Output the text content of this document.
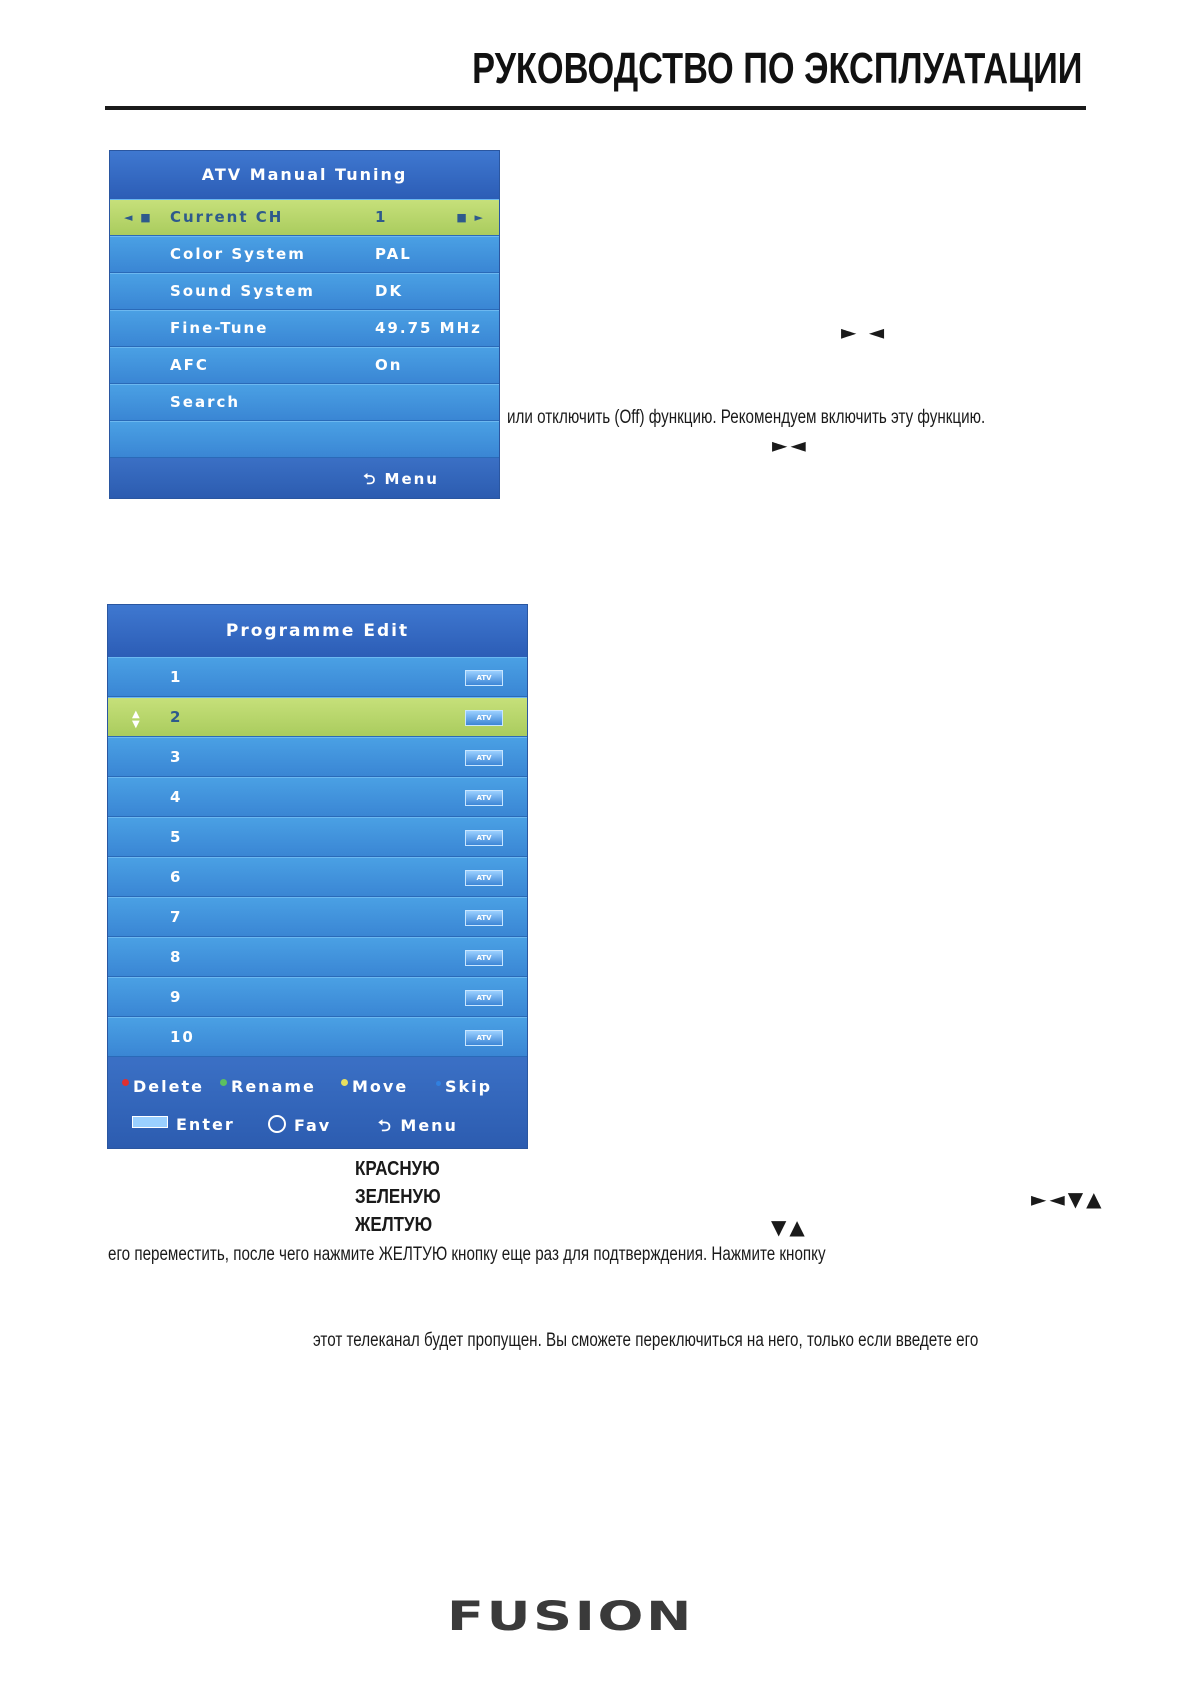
РУКОВОДСТВО ПО ЭКСПЛУАТАЦИИ
ATV Manual Tuning
◄ ■ Current CH	1	■ ►
Color System	PAL
Sound System	DK
Fine-Tune	49.75 MHz
AFC	On
Search
⮌ Menu
► ◄
или отключить (Off) функцию. Рекомендуем включить эту функцию.
►◄
Programme Edit
1	ATV
▲
▼ 2	ATV
3	ATV
4	ATV
5	ATV
6	ATV
7	ATV
8	ATV
9	ATV
10	ATV
Delete	Rename	Move	Skip
Enter	Fav	⮌ Menu
КРАСНУЮ
ЗЕЛЕНУЮ
ЖЕЛТУЮ
►◄▼▲
▼▲
его переместить, после чего нажмите ЖЕЛТУЮ кнопку еще раз для подтверждения. Нажмите кнопку
этот телеканал будет пропущен. Вы сможете переключиться на него, только если введете его
FUSION
